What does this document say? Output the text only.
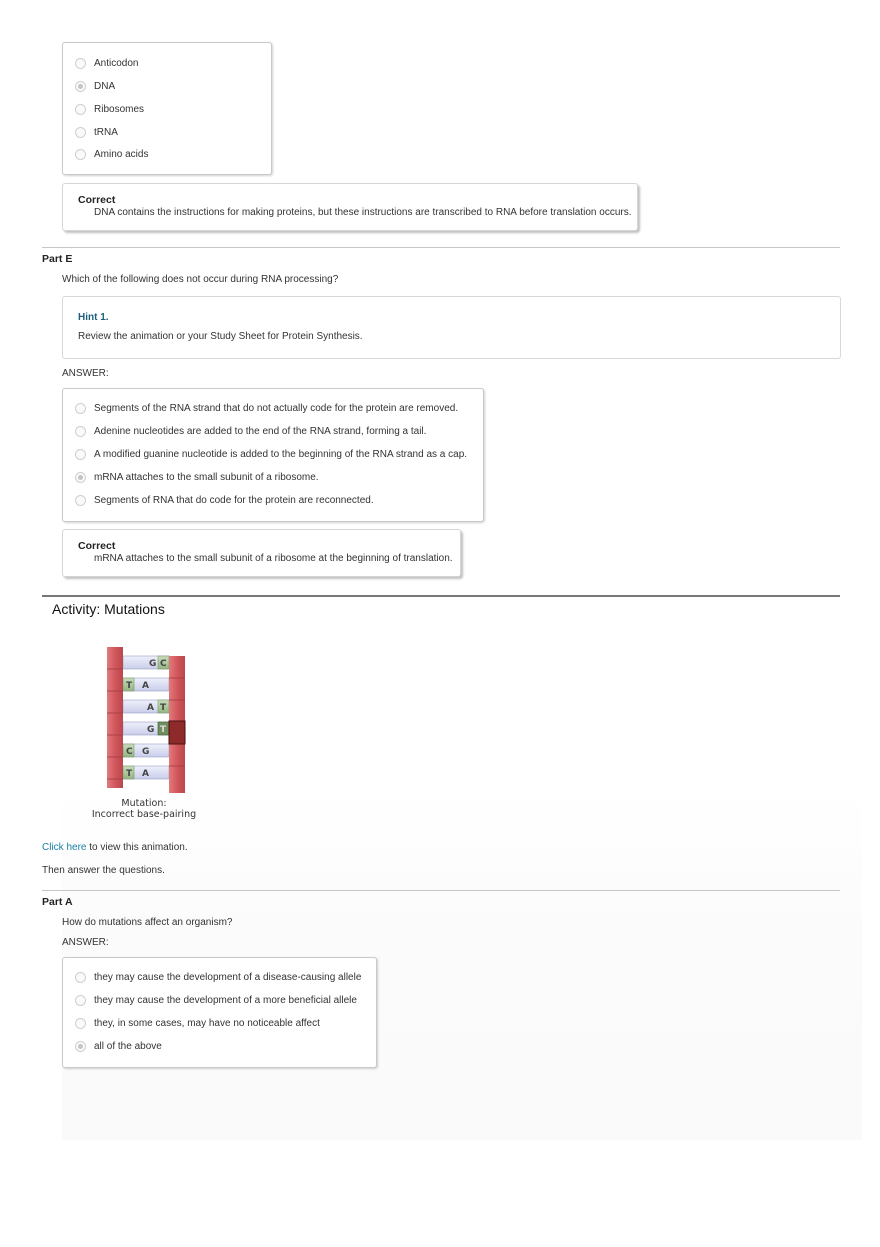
Anticodon
DNA
Ribosomes
tRNA
Amino acids
Correct
DNA contains the instructions for making proteins, but these instructions are transcribed to RNA before translation occurs.
Part E
Which of the following does not occur during RNA processing?
Hint 1.
Review the animation or your Study Sheet for Protein Synthesis.
ANSWER:
Segments of the RNA strand that do not actually code for the protein are removed.
Adenine nucleotides are added to the end of the RNA strand, forming a tail.
A modified guanine nucleotide is added to the beginning of the RNA strand as a cap.
mRNA attaches to the small subunit of a ribosome.
Segments of RNA that do code for the protein are reconnected.
Correct
mRNA attaches to the small subunit of a ribosome at the beginning of translation.
Activity: Mutations
G C
T A
A T
G T
C G
T A
Mutation:
Incorrect base-pairing
Click here to view this animation.
Then answer the questions.
Part A
How do mutations affect an organism?
ANSWER:
they may cause the development of a disease-causing allele
they may cause the development of a more beneficial allele
they, in some cases, may have no noticeable affect
all of the above
